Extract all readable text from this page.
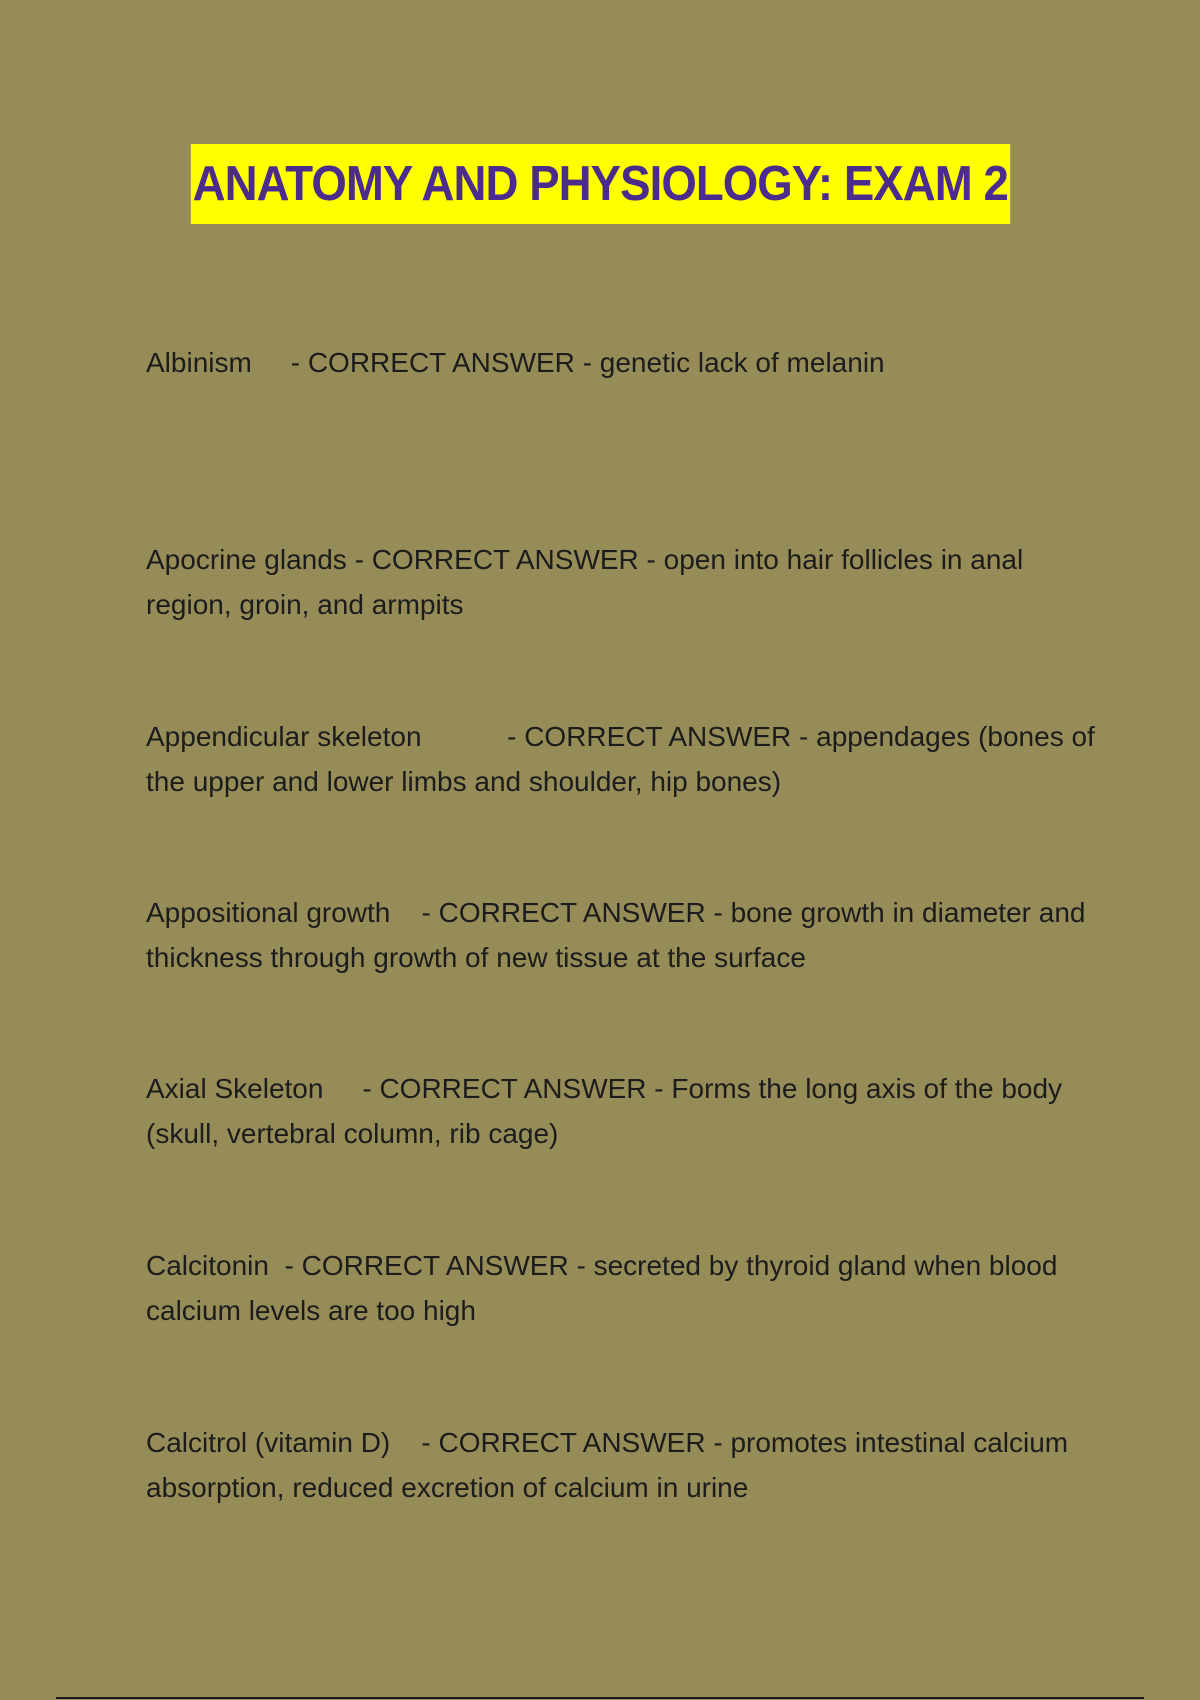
ANATOMY AND PHYSIOLOGY: EXAM 2
Albinism     - CORRECT ANSWER - genetic lack of melanin
Apocrine glands - CORRECT ANSWER - open into hair follicles in anal region, groin, and armpits
Appendicular skeleton	- CORRECT ANSWER - appendages (bones of the upper and lower limbs and shoulder, hip bones)
Appositional growth    - CORRECT ANSWER - bone growth in diameter and thickness through growth of new tissue at the surface
Axial Skeleton     - CORRECT ANSWER - Forms the long axis of the body (skull, vertebral column, rib cage)
Calcitonin  - CORRECT ANSWER - secreted by thyroid gland when blood calcium levels are too high
Calcitrol (vitamin D)    - CORRECT ANSWER - promotes intestinal calcium absorption, reduced excretion of calcium in urine
